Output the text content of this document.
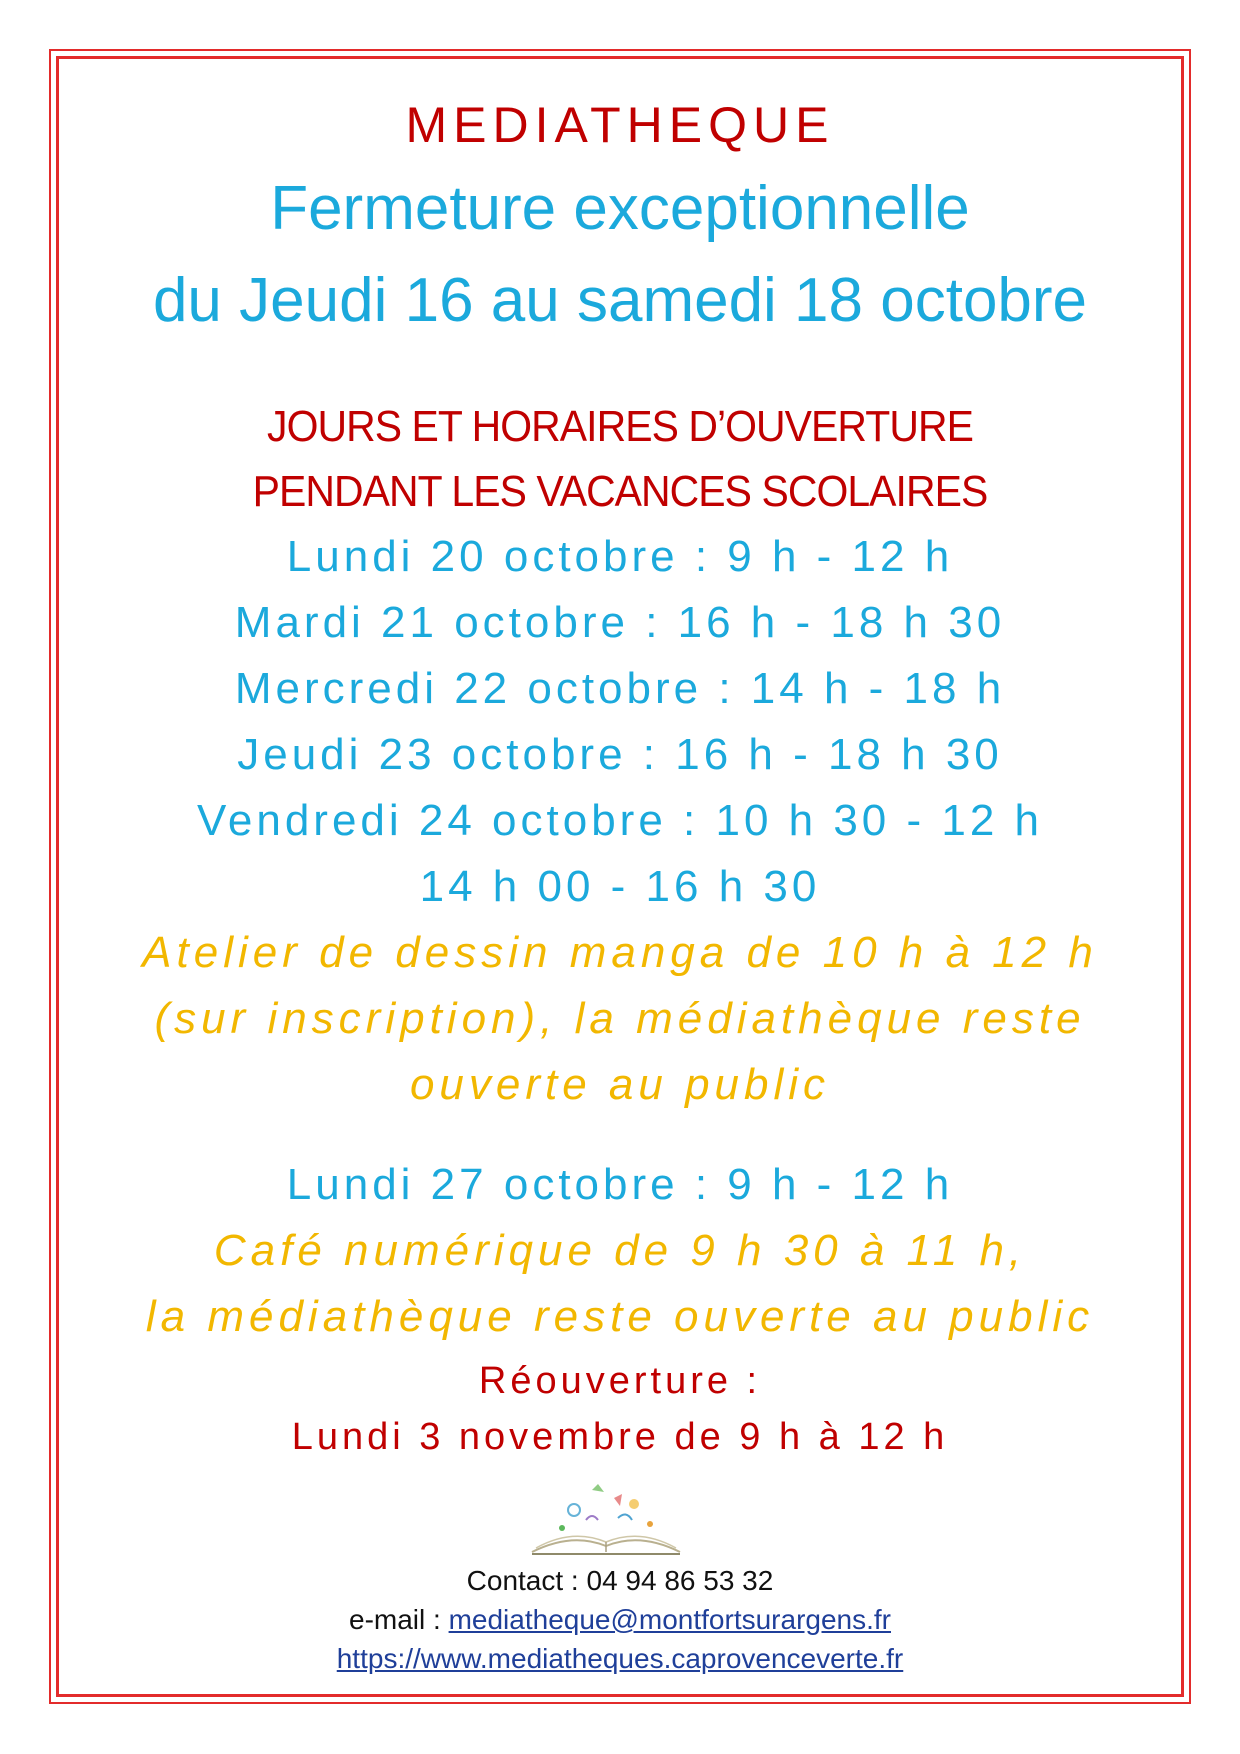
MEDIATHEQUE
Fermeture exceptionnelle
du Jeudi 16 au samedi 18 octobre
JOURS ET HORAIRES D’OUVERTURE
PENDANT LES VACANCES SCOLAIRES
Lundi 20 octobre : 9 h - 12 h
Mardi 21 octobre : 16 h - 18 h 30
Mercredi 22 octobre : 14 h - 18 h
Jeudi 23 octobre : 16 h - 18 h 30
Vendredi 24 octobre : 10 h 30 - 12 h
14 h 00 - 16 h 30
Atelier de dessin manga de 10 h à 12 h
(sur inscription), la médiathèque reste
ouverte au public
Lundi 27 octobre : 9 h - 12 h
Café numérique de 9 h 30 à 11 h,
la médiathèque reste ouverte au public
Réouverture :
Lundi 3 novembre de 9 h à 12 h
Contact : 04 94 86 53 32
e-mail : mediatheque@montfortsurargens.fr
https://www.mediatheques.caprovenceverte.fr
